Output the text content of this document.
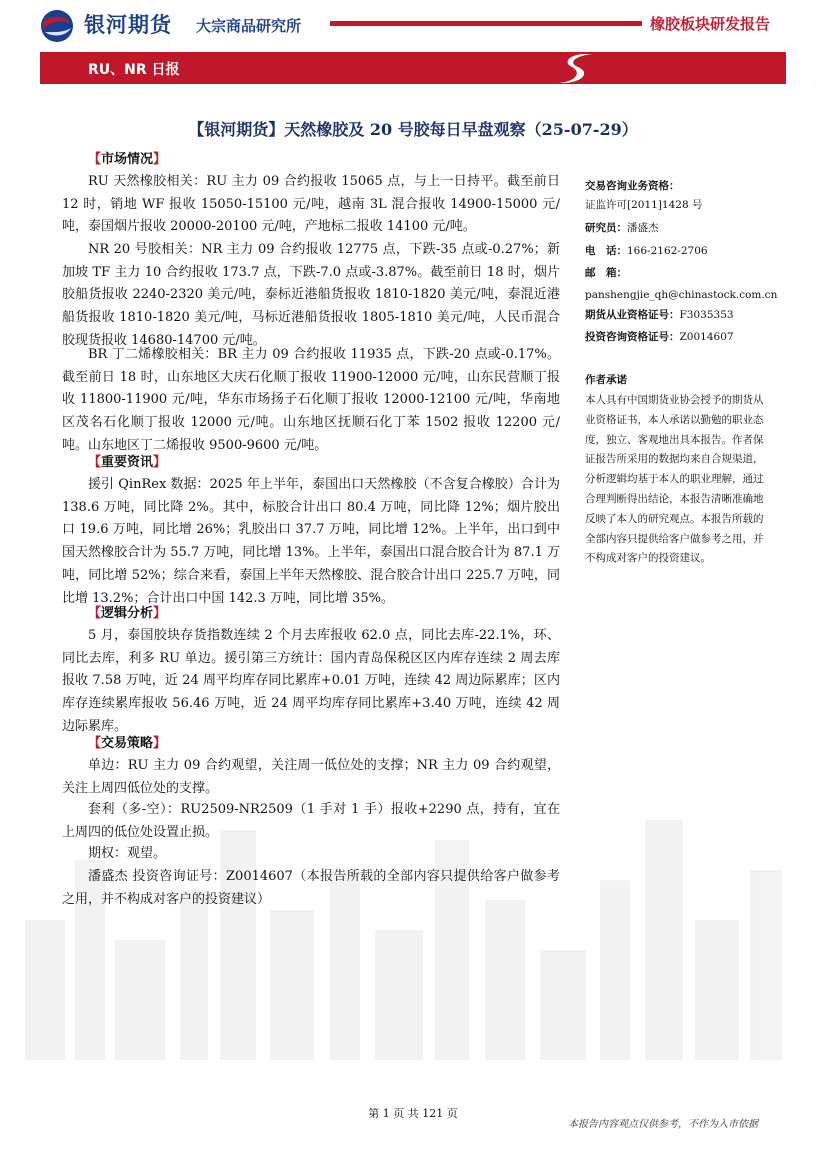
银河期货 大宗商品研究所	橡胶板块研发报告
RU、NR 日报
【银河期货】天然橡胶及 20 号胶每日早盘观察（25-07-29）
【市场情况】
RU 天然橡胶相关：RU 主力 09 合约报收 15065 点，与上一日持平。截至前日 12 时，销地 WF 报收 15050-15100 元/吨，越南 3L 混合报收 14900-15000 元/吨，泰国烟片报收 20000-20100 元/吨，产地标二报收 14100 元/吨。
NR 20 号胶相关：NR 主力 09 合约报收 12775 点，下跌-35 点或-0.27%；新加坡 TF 主力 10 合约报收 173.7 点，下跌-7.0 点或-3.87%。截至前日 18 时，烟片胶船货报收 2240-2320 美元/吨，泰标近港船货报收 1810-1820 美元/吨，泰混近港船货报收 1810-1820 美元/吨，马标近港船货报收 1805-1810 美元/吨，人民币混合胶现货报收 14680-14700 元/吨。
BR 丁二烯橡胶相关：BR 主力 09 合约报收 11935 点，下跌-20 点或-0.17%。截至前日 18 时，山东地区大庆石化顺丁报收 11900-12000 元/吨，山东民营顺丁报收 11800-11900 元/吨，华东市场扬子石化顺丁报收 12000-12100 元/吨，华南地区茂名石化顺丁报收 12000 元/吨。山东地区抚顺石化丁苯 1502 报收 12200 元/吨。山东地区丁二烯报收 9500-9600 元/吨。
【重要资讯】
援引 QinRex 数据：2025 年上半年，泰国出口天然橡胶（不含复合橡胶）合计为 138.6 万吨，同比降 2%。其中，标胶合计出口 80.4 万吨，同比降 12%；烟片胶出口 19.6 万吨，同比增 26%；乳胶出口 37.7 万吨，同比增 12%。上半年，出口到中国天然橡胶合计为 55.7 万吨，同比增 13%。上半年，泰国出口混合胶合计为 87.1 万吨，同比增 52%；综合来看，泰国上半年天然橡胶、混合胶合计出口 225.7 万吨，同比增 13.2%；合计出口中国 142.3 万吨，同比增 35%。
【逻辑分析】
5 月，泰国胶块存货指数连续 2 个月去库报收 62.0 点，同比去库-22.1%，环、同比去库，利多 RU 单边。援引第三方统计：国内青岛保税区区内库存连续 2 周去库报收 7.58 万吨，近 24 周平均库存同比累库+0.01 万吨，连续 42 周边际累库；区内库存连续累库报收 56.46 万吨，近 24 周平均库存同比累库+3.40 万吨，连续 42 周边际累库。
【交易策略】
单边：RU 主力 09 合约观望，关注周一低位处的支撑；NR 主力 09 合约观望，关注上周四低位处的支撑。
套利（多-空）：RU2509-NR2509（1 手对 1 手）报收+2290 点，持有，宜在上周四的低位处设置止损。
期权：观望。
潘盛杰 投资咨询证号：Z0014607（本报告所载的全部内容只提供给客户做参考之用，并不构成对客户的投资建议）
交易咨询业务资格：
证监许可[2011]1428 号
研究员：潘盛杰
电　话：166-2162-2706
邮　箱：
panshengjie_qh@chinastock.com.cn
期货从业资格证号：F3035353
投资咨询资格证号：Z0014607
作者承诺
本人具有中国期货业协会授予的期货从业资格证书，本人承诺以勤勉的职业态度，独立、客观地出具本报告。作者保证报告所采用的数据均来自合规渠道，分析逻辑均基于本人的职业理解，通过合理判断得出结论，本报告清晰准确地反映了本人的研究观点。本报告所载的全部内容只提供给客户做参考之用，并不构成对客户的投资建议。
第 1 页 共 121 页
本报告内容观点仅供参考，不作为入市依据
